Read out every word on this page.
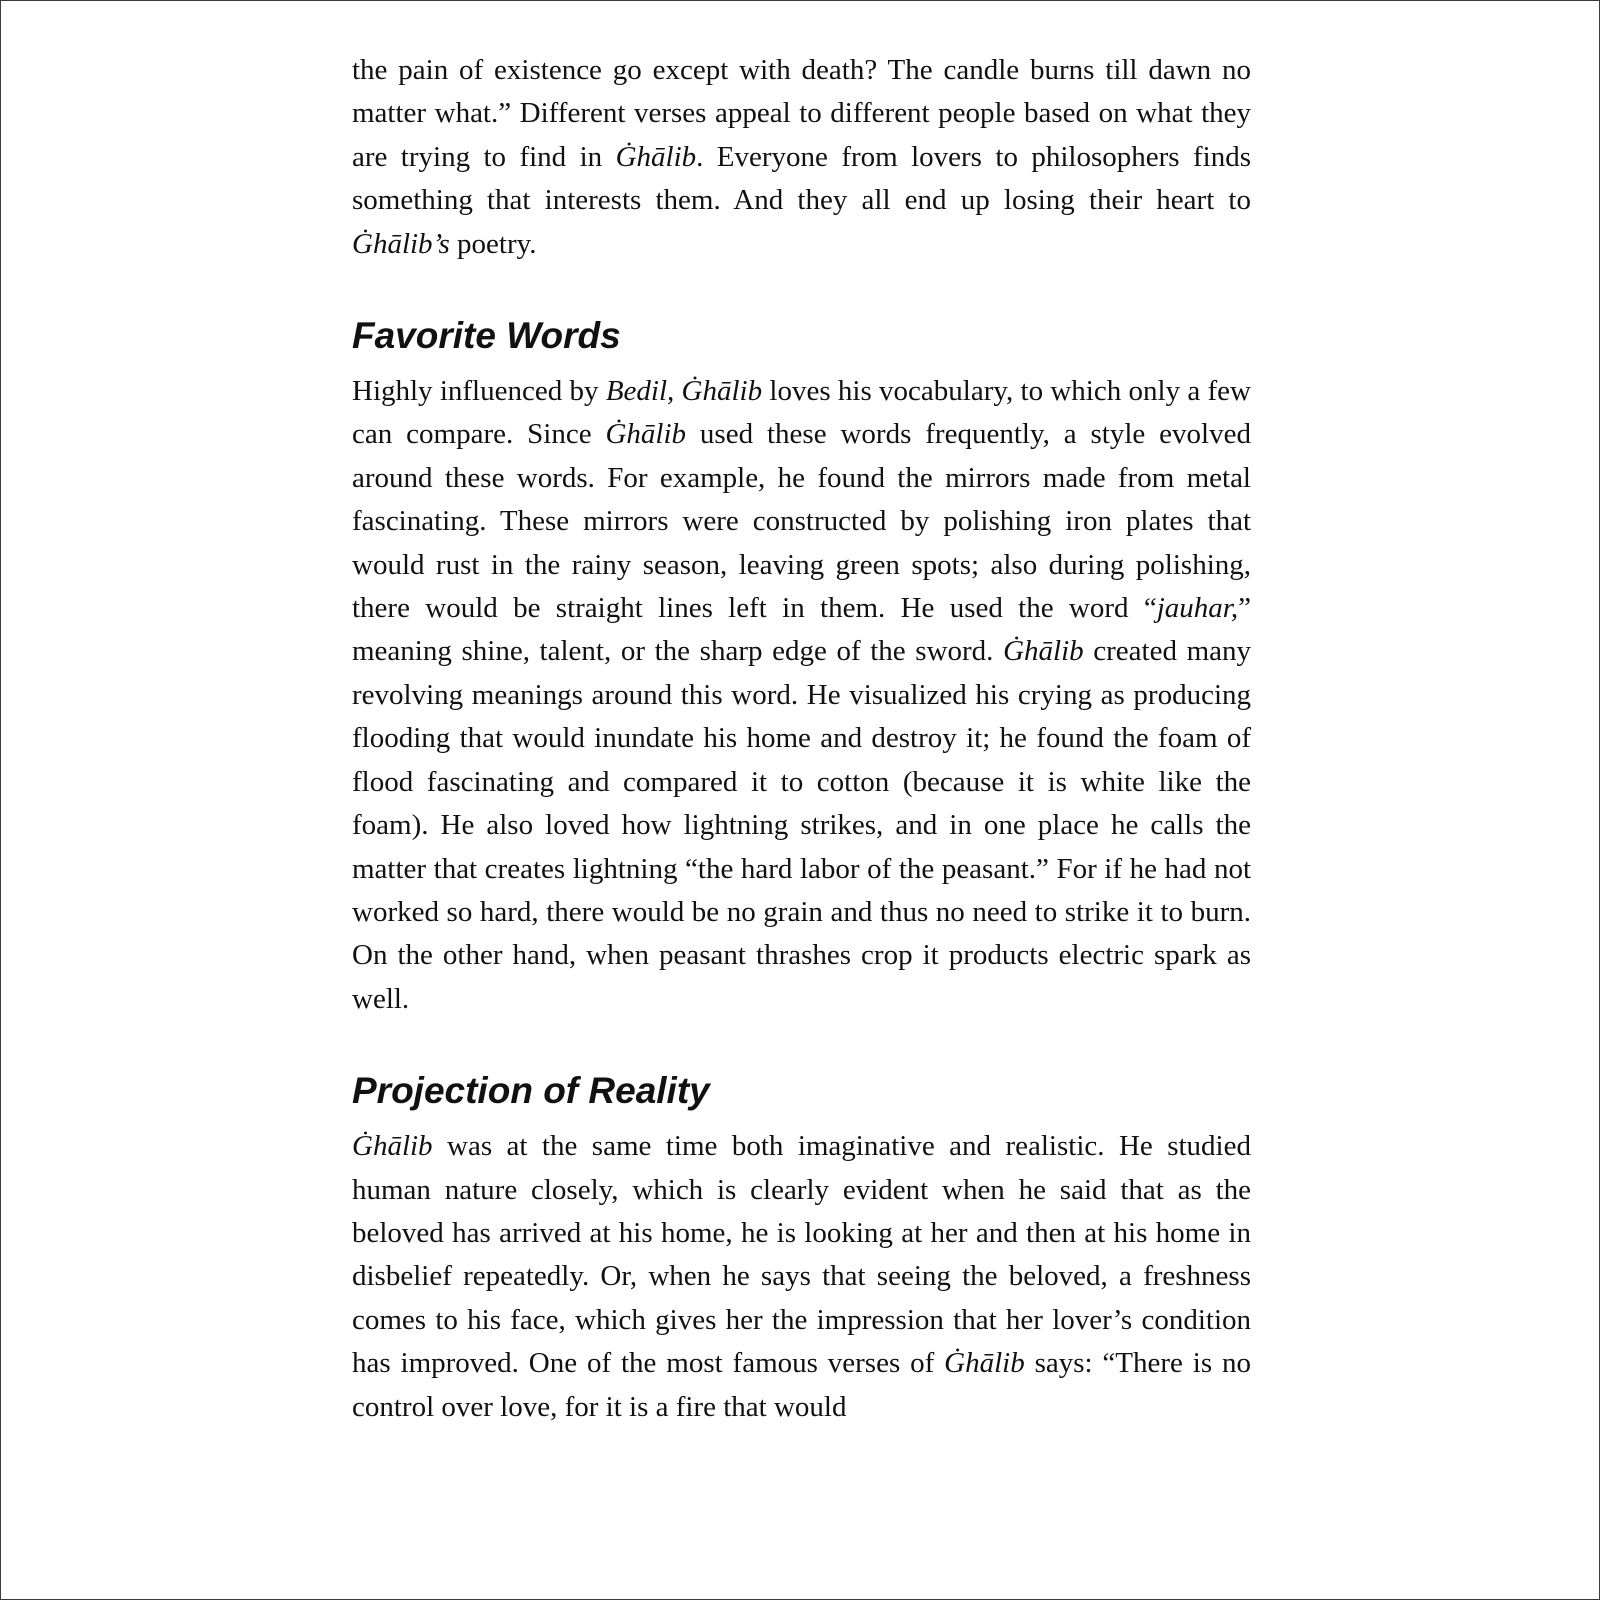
the pain of existence go except with death? The candle burns till dawn no matter what.” Different verses appeal to different people based on what they are trying to find in Ġhālib. Everyone from lovers to philosophers finds something that interests them. And they all end up losing their heart to Ġhālib’s poetry.

Favorite Words

Highly influenced by Bedil, Ġhālib loves his vocabulary, to which only a few can compare. Since Ġhālib used these words frequently, a style evolved around these words. For example, he found the mirrors made from metal fascinating. These mirrors were constructed by polishing iron plates that would rust in the rainy season, leaving green spots; also during polishing, there would be straight lines left in them. He used the word “jauhar,” meaning shine, talent, or the sharp edge of the sword. Ġhālib created many revolving meanings around this word. He visualized his crying as producing flooding that would inundate his home and destroy it; he found the foam of flood fascinating and compared it to cotton (because it is white like the foam). He also loved how lightning strikes, and in one place he calls the matter that creates lightning “the hard labor of the peasant.” For if he had not worked so hard, there would be no grain and thus no need to strike it to burn. On the other hand, when peasant thrashes crop it products electric spark as well.

Projection of Reality

Ġhālib was at the same time both imaginative and realistic. He studied human nature closely, which is clearly evident when he said that as the beloved has arrived at his home, he is looking at her and then at his home in disbelief repeatedly. Or, when he says that seeing the beloved, a freshness comes to his face, which gives her the impression that her lover’s condition has improved. One of the most famous verses of Ġhālib says: “There is no control over love, for it is a fire that would
